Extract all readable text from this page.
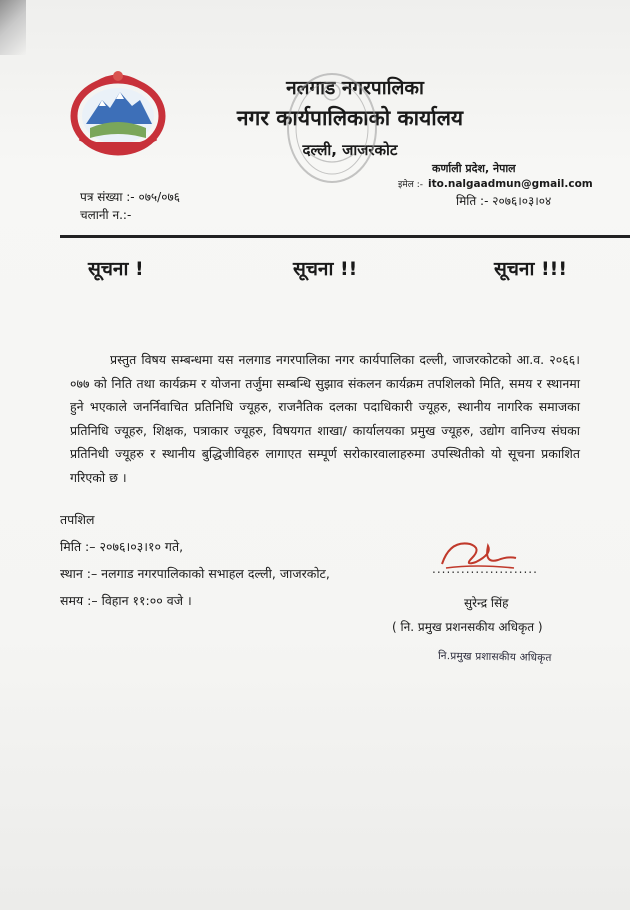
नलगाड नगरपालिका
नगर कार्यपालिकाको कार्यालय
दल्ली, जाजरकोट
कर्णाली प्रदेश, नेपाल
इमेल :- ito.nalgaadmun@gmail.com
मिति :- २०७६।०३।०४
पत्र संख्या :- ०७५/०७६
चलानी न.:-
सूचना !	सूचना !!	सूचना !!!

प्रस्तुत विषय सम्बन्धमा यस नलगाड नगरपालिका नगर कार्यपालिका दल्ली, जाजरकोटको आ.व. २०६६।०७७ को निति तथा कार्यक्रम र योजना तर्जुमा सम्बन्धि सुझाव संकलन कार्यक्रम तपशिलको मिति, समय र स्थानमा हुने भएकाले जनर्निवाचित प्रतिनिधि ज्यूहरु, राजनैतिक दलका पदाधिकारी ज्यूहरु, स्थानीय नागरिक समाजका प्रतिनिधि ज्यूहरु, शिक्षक, पत्राकार ज्यूहरु, विषयगत शाखा/ कार्यालयका प्रमुख ज्यूहरु, उद्योग वानिज्य संघका प्रतिनिधी ज्यूहरु र स्थानीय बुद्धिजीविहरु लागाएत सम्पूर्ण सरोकारवालाहरुमा उपस्थितीको यो सूचना प्रकाशित गरिएको छ ।

तपशिल
मिति :– २०७६।०३।१० गते,
स्थान :– नलगाड नगरपालिकाको सभाहल दल्ली, जाजरकोट,
समय :– विहान ११:०० वजे ।
......................
सुरेन्द्र सिंह
( नि. प्रमुख प्रशनसकीय अधिकृत )
नि.प्रमुख प्रशासकीय अधिकृत
